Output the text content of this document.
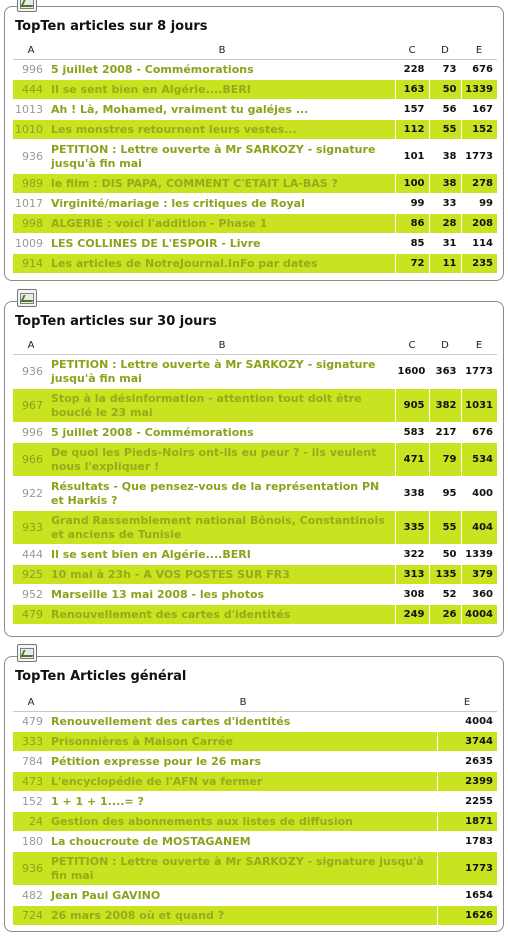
TopTen articles sur 8 jours
A	B	C	D	E
996	5 juillet 2008 - Commémorations	228	73	676
444	Il se sent bien en Algérie....BERI	163	50	1339
1013	Ah ! Là, Mohamed, vraiment tu galéjes ...	157	56	167
1010	Les monstres retournent leurs vestes...	112	55	152
936	PETITION : Lettre ouverte à Mr SARKOZY - signature jusqu'à fin mai	101	38	1773
989	le film : DIS PAPA, COMMENT C'ETAIT LA-BAS ?	100	38	278
1017	Virginité/mariage : les critiques de Royal	99	33	99
998	ALGERIE : voici l'addition - Phase 1	86	28	208
1009	LES COLLINES DE L'ESPOIR - Livre	85	31	114
914	Les articles de NotreJournal.InFo par dates	72	11	235
TopTen articles sur 30 jours
A	B	C	D	E
936	PETITION : Lettre ouverte à Mr SARKOZY - signature jusqu'à fin mai	1600	363	1773
967	Stop à la désinformation - attention tout doit être bouclé le 23 mai	905	382	1031
996	5 juillet 2008 - Commémorations	583	217	676
966	De quoi les Pieds-Noirs ont-ils eu peur ? - ils veulent nous l'expliquer !	471	79	534
922	Résultats - Que pensez-vous de la représentation PN et Harkis ?	338	95	400
933	Grand Rassemblement national Bônois, Constantinois et anciens de Tunisie	335	55	404
444	Il se sent bien en Algérie....BERI	322	50	1339
925	10 mai à 23h - A VOS POSTES SUR FR3	313	135	379
952	Marseille 13 mai 2008 - les photos	308	52	360
479	Renouvellement des cartes d'identités	249	26	4004
TopTen Articles général
A	B	E
479	Renouvellement des cartes d'identités	4004
333	Prisonnières à Maison Carrée	3744
784	Pétition expresse pour le 26 mars	2635
473	L'encyclopédie de l'AFN va fermer	2399
152	1 + 1 + 1....= ?	2255
24	Gestion des abonnements aux listes de diffusion	1871
180	La choucroute de MOSTAGANEM	1783
936	PETITION : Lettre ouverte à Mr SARKOZY - signature jusqu'à fin mai	1773
482	Jean Paul GAVINO	1654
724	26 mars 2008 où et quand ?	1626
